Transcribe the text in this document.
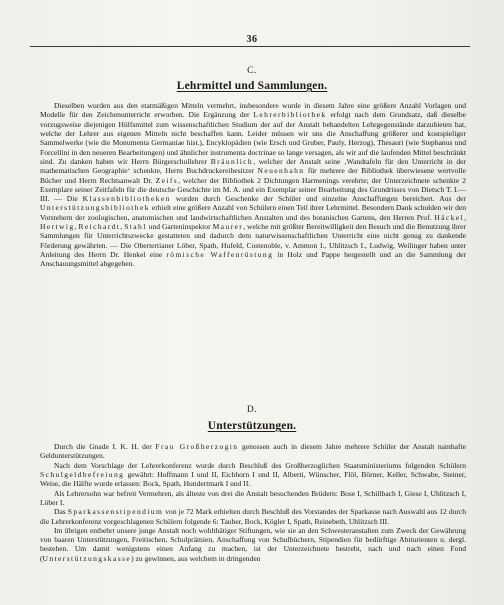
36
C.
Lehrmittel und Sammlungen.

Dieselben wurden aus den etatmäßigen Mitteln vermehrt, insbesondere wurde in diesem Jahre eine größere Anzahl Vorlagen und Modelle für den Zeichenunterricht erworben. Die Ergänzung der Lehrerbibliothek erfolgt nach dem Grundsatz, daß dieselbe vorzugsweise diejenigen Hülfsmittel zum wissenschaftlichen Studium der auf der Anstalt behandelten Lehrgegenstände darzubieten hat, welche der Lehrer aus eigenen Mitteln nicht beschaffen kann. Leider müssen wir uns die Anschaffung größerer und kostspieliger Sammelwerke (wie die Monumenta Germaniae hist.), Encyklopädien (wie Ersch und Gruber, Pauly, Herzog), Thesauri (wie Stephanus und Forcellini in den neueren Bearbeitungen) und ähnlicher instrumenta doctrinae so lange versagen, als wir auf die laufenden Mittel beschränkt sind. Zu danken haben wir Herrn Bürgerschullehrer Bräunlich, welcher der Anstalt seine ‚Wandtafeln für den Unterricht in der mathematischen Geographie‘ schenkte, Herrn Buchdruckereibesitzer Neuenhahn für mehrere der Bibliothek überwiesene wertvolle Bücher und Herrn Rechtsanwalt Dr. Zeifs, welcher der Bibliothek 2 Dichtungen Harmenings verehrte; der Unterzeichnete schenkte 2 Exemplare seiner Zeitfafeln für die deutsche Geschichte im M. A. und ein Exemplar seiner Bearbeitung des Grundrisses von Dietsch T. I.—III. — Die Klassenbibliotheken wurden durch Geschenke der Schüler und einzelne Anschaffungen bereichert. Aus der Unterstützungsbibliothek erhielt eine größere Anzahl von Schülern einen Teil ihrer Lehrmittel. Besondern Dank schulden wir den Vorstehern der zoologischen, anatomischen und landwirtschaftlichen Anstalten und des botanischen Gartens, den Herren Prof. Häckel, Hertwig, Reichardt, Stahl und Garteninspektor Maurer, welche mit größter Bereitwilligkeit den Besuch und die Benutzung ihrer Sammlungen für Unterrichtszwecke gestatteten und dadurch dem naturwissenschaftlichen Unterricht eine nicht genug zu dankende Förderung gewährten. — Die Obertertianer Löber, Spath, Hufeld, Costenoble, v. Ammon I., Uhlitzsch I., Ludwig, Weilinger haben unter Anleitung des Herrn Dr. Henkel eine römische Waffenrüstung in Holz und Pappe hergestellt und an die Sammlung der Anschauungsmittel abgegeben.

D.
Unterstützungen.

Durch die Gnade I. K. H. der Frau Großherzogin genossen auch in diesem Jahre mehrere Schüler der Anstalt namhafte Geldunterstützungen.

Nach dem Vorschlage der Lehrerkonferenz wurde durch Beschluß des Großherzoglichen Staatsministeriums folgenden Schülern Schulgeldbefreiung gewährt: Hoffmann I und II, Eichhorn I und II, Alberti, Wünscher, Flöl, Börner, Keller, Schwabe, Steiner, Weise, die Hälfte wurde erlassen: Bock, Spath, Hundertmark I und II.

Als Lehrersohn war befreit Vermehren, als älteste von drei die Anstalt besuchenden Brüdern: Bose I, Schillbach I, Giese I, Uhlitzsch I, Löber I.

Das Sparkassenstipendium von je 72 Mark erhielten durch Beschluß des Vorstandes der Sparkasse nach Auswahl aus 12 durch die Lehrerkonferenz vorgeschlagenen Schülern folgende 6: Tauber, Bock, Kögler I, Spath, Reinebeth, Uhlitzsch III.

Im übrigen entbehrt unsere junge Anstalt noch wohlthätiger Stiftungen, wie sie an den Schwesteranstalten zum Zweck der Gewährung von baaren Unterstützungen, Freitischen, Schulprämien, Anschaffung von Schulbüchern, Stipendien für bedürftige Abiturienten u. dergl. bestehen. Um damit wenigstens einen Anfang zu machen, ist der Unterzeichnete bestrebt, nach und nach einen Fond (Unterstützungskasse) zu gewinnen, aus welchem in dringenden
